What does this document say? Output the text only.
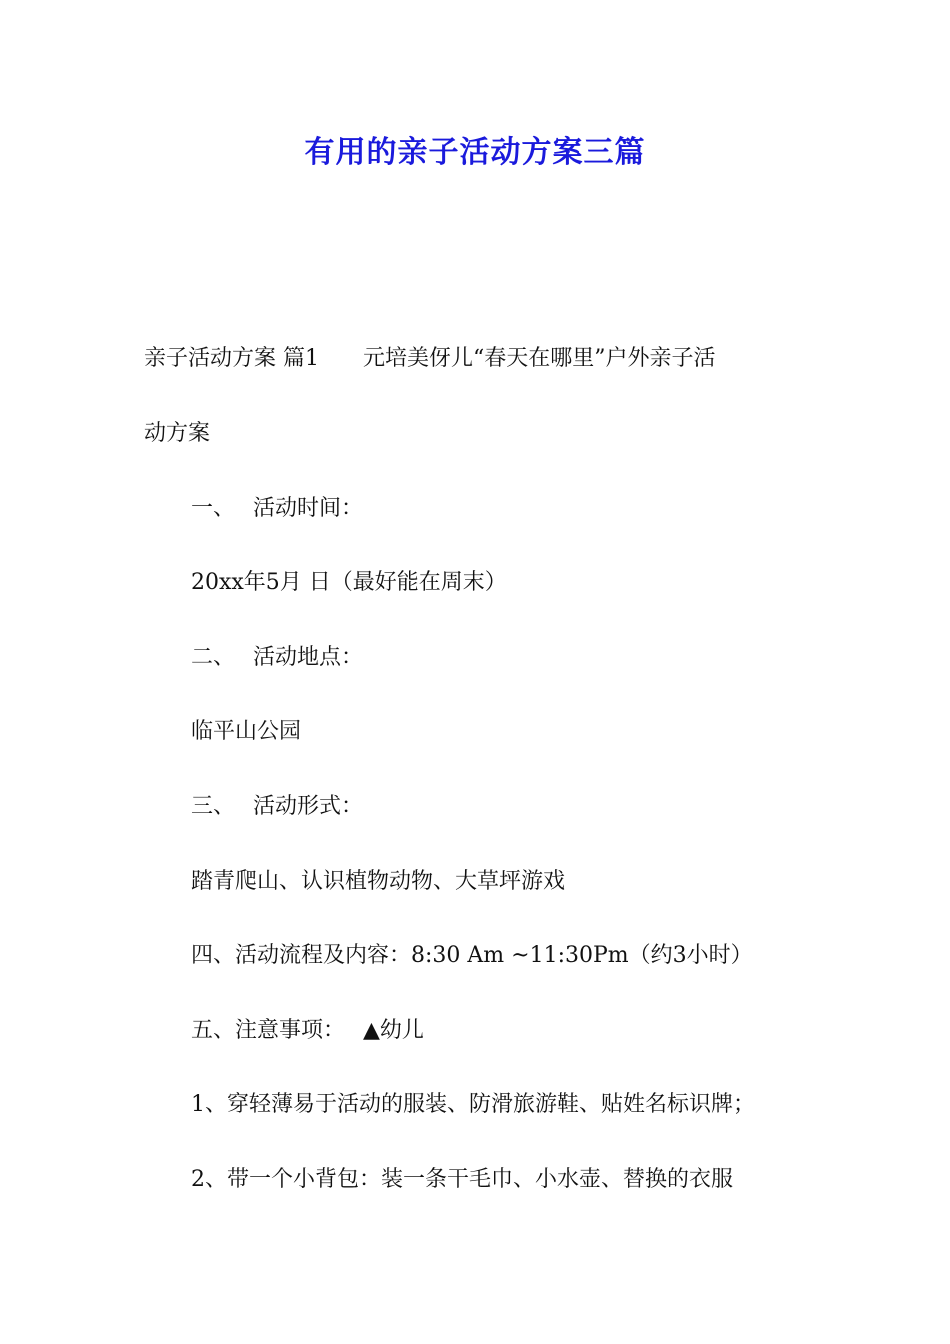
有用的亲子活动方案三篇
亲子活动方案 篇1 元培美伢儿“春天在哪里”户外亲子活
动方案
一、 活动时间：
20xx年5月 日（最好能在周末）
二、 活动地点：
临平山公园
三、 活动形式：
踏青爬山、认识植物动物、大草坪游戏
四、活动流程及内容：8:30 Am ~11:30Pm（约3小时）
五、注意事项： ▲幼儿
1、穿轻薄易于活动的服装、防滑旅游鞋、贴姓名标识牌；
2、带一个小背包：装一条干毛巾、小水壶、替换的衣服
